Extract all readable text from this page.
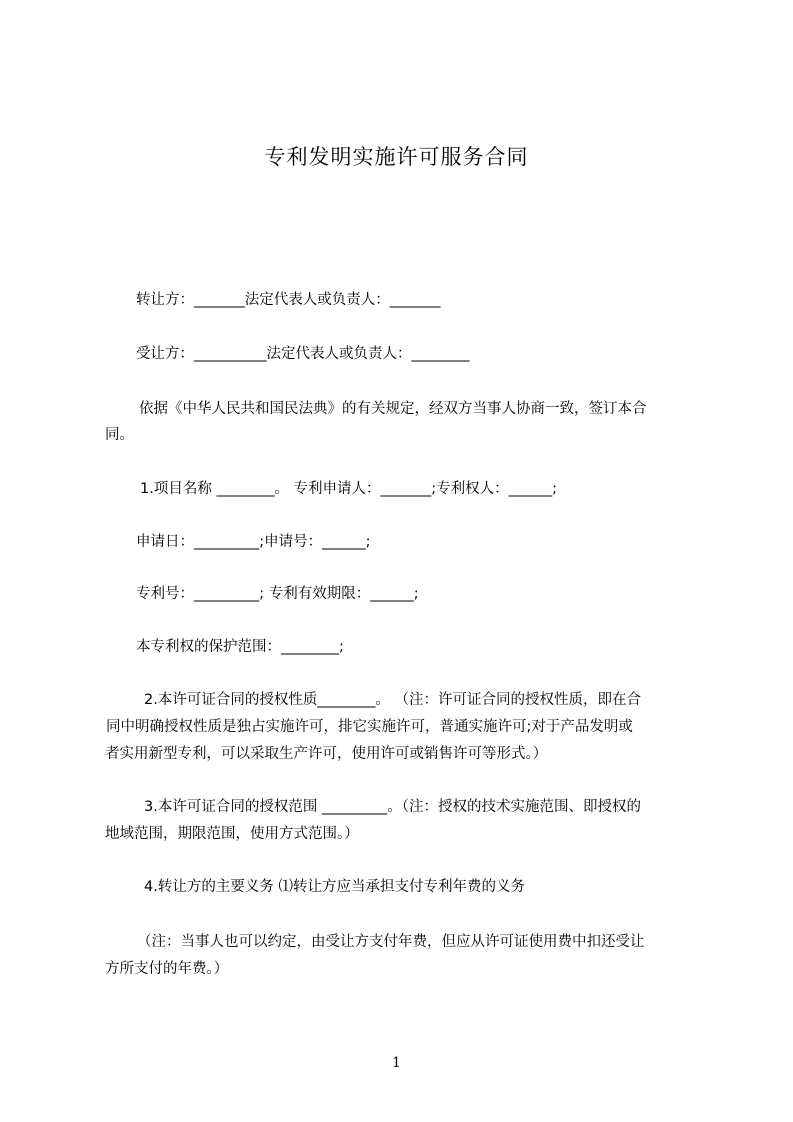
专利发明实施许可服务合同
转让方：_______法定代表人或负责人：_______
受让方：__________法定代表人或负责人：________
依据《中华人民共和国民法典》的有关规定，经双方当事人协商一致，签订本合
同。
1.项目名称 ________。 专利申请人：_______;专利权人：______;
申请日：_________;申请号：______;
专利号：_________; 专利有效期限：______;
本专利权的保护范围：________;
2.本许可证合同的授权性质________。 （注：许可证合同的授权性质，即在合
同中明确授权性质是独占实施许可，排它实施许可，普通实施许可;对于产品发明或
者实用新型专利，可以采取生产许可，使用许可或销售许可等形式。）
3.本许可证合同的授权范围 _________。（注：授权的技术实施范围、即授权的
地域范围，期限范围，使用方式范围。）
4.转让方的主要义务 ⑴转让方应当承担支付专利年费的义务
（注：当事人也可以约定，由受让方支付年费，但应从许可证使用费中扣还受让
方所支付的年费。）
1
